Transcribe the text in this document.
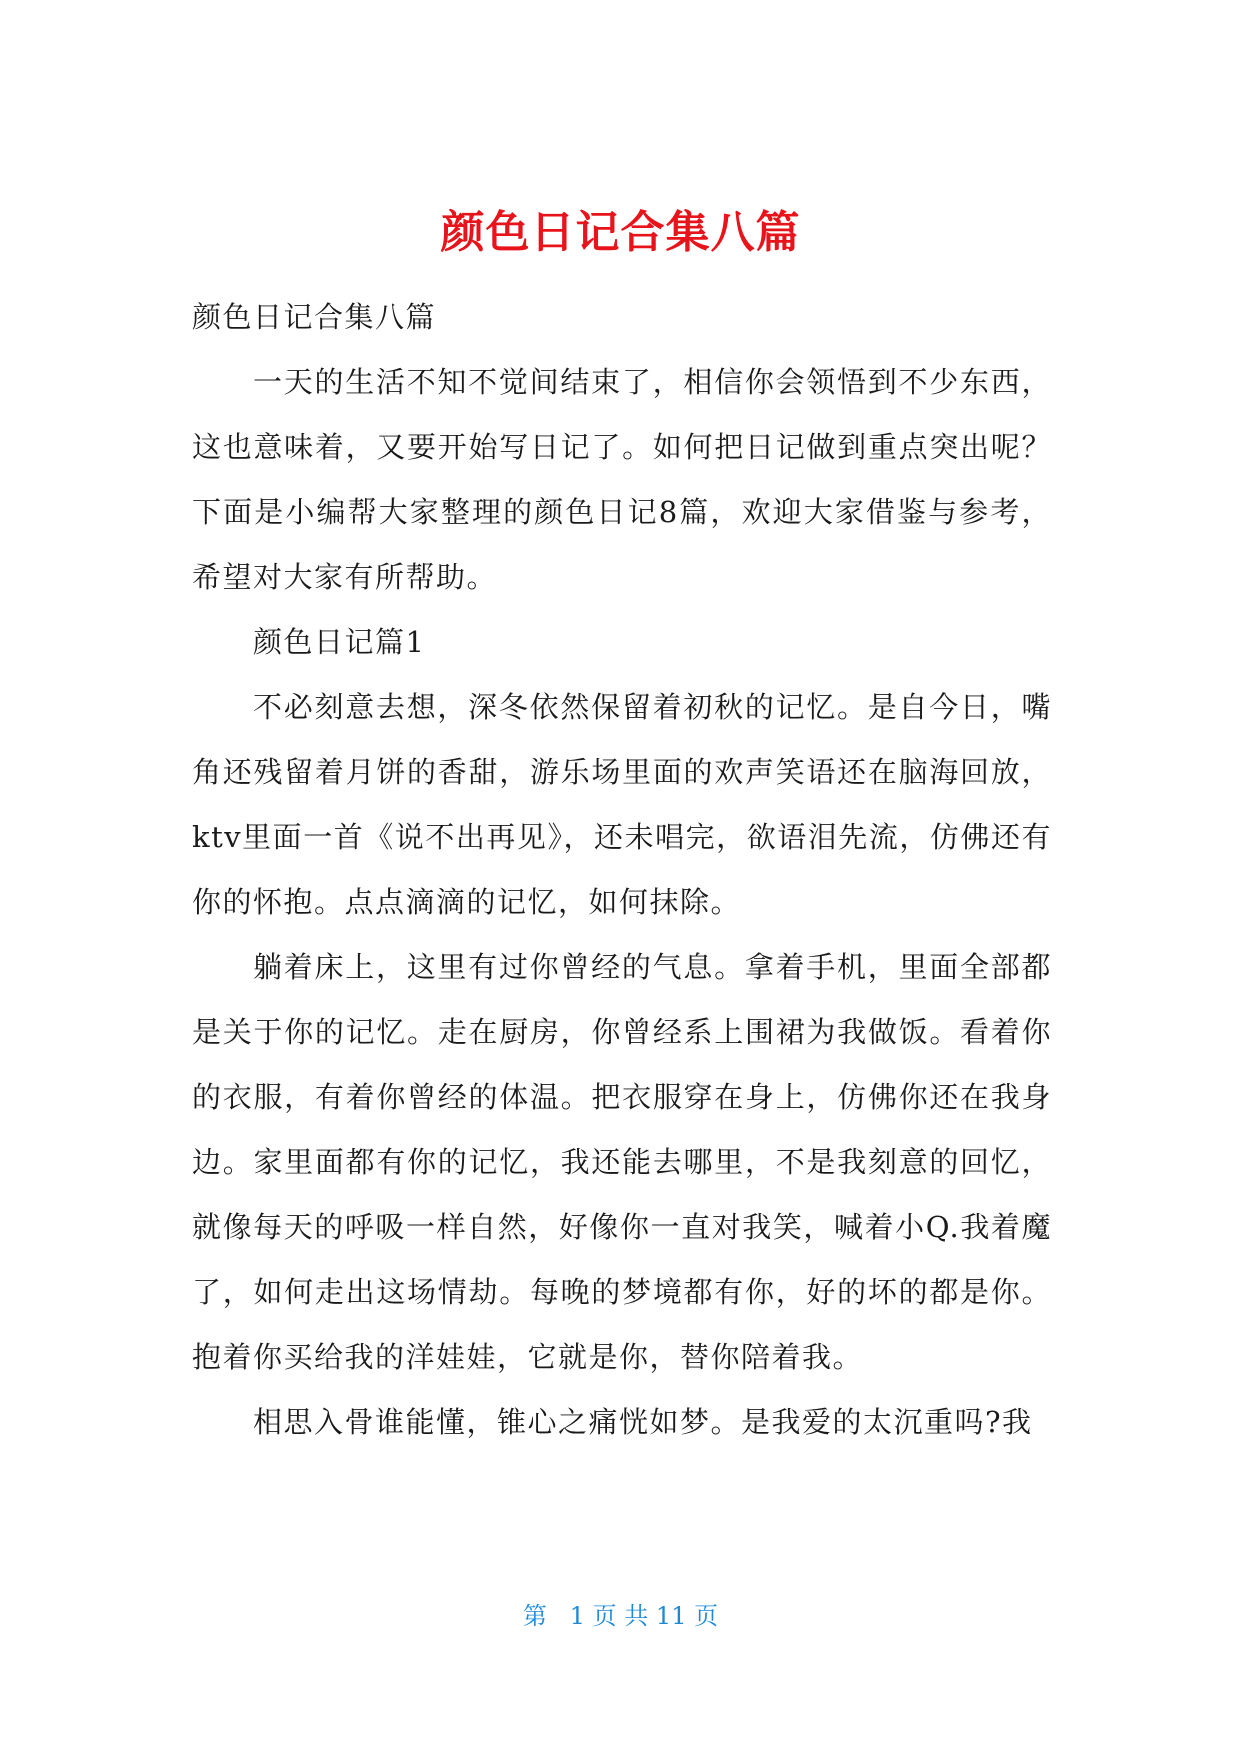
颜色日记合集八篇

颜色日记合集八篇

一天的生活不知不觉间结束了，相信你会领悟到不少东西，这也意味着，又要开始写日记了。如何把日记做到重点突出呢？下面是小编帮大家整理的颜色日记8篇，欢迎大家借鉴与参考，希望对大家有所帮助。

颜色日记篇1

不必刻意去想，深冬依然保留着初秋的记忆。是自今日，嘴角还残留着月饼的香甜，游乐场里面的欢声笑语还在脑海回放，ktv里面一首《说不出再见》，还未唱完，欲语泪先流，仿佛还有你的怀抱。点点滴滴的记忆，如何抹除。

躺着床上，这里有过你曾经的气息。拿着手机，里面全部都是关于你的记忆。走在厨房，你曾经系上围裙为我做饭。看着你的衣服，有着你曾经的体温。把衣服穿在身上，仿佛你还在我身边。家里面都有你的记忆，我还能去哪里，不是我刻意的回忆，就像每天的呼吸一样自然，好像你一直对我笑，喊着小Q.我着魔了，如何走出这场情劫。每晚的梦境都有你，好的坏的都是你。抱着你买给我的洋娃娃，它就是你，替你陪着我。

相思入骨谁能懂，锥心之痛恍如梦。是我爱的太沉重吗?我

第   1 页 共 11 页
